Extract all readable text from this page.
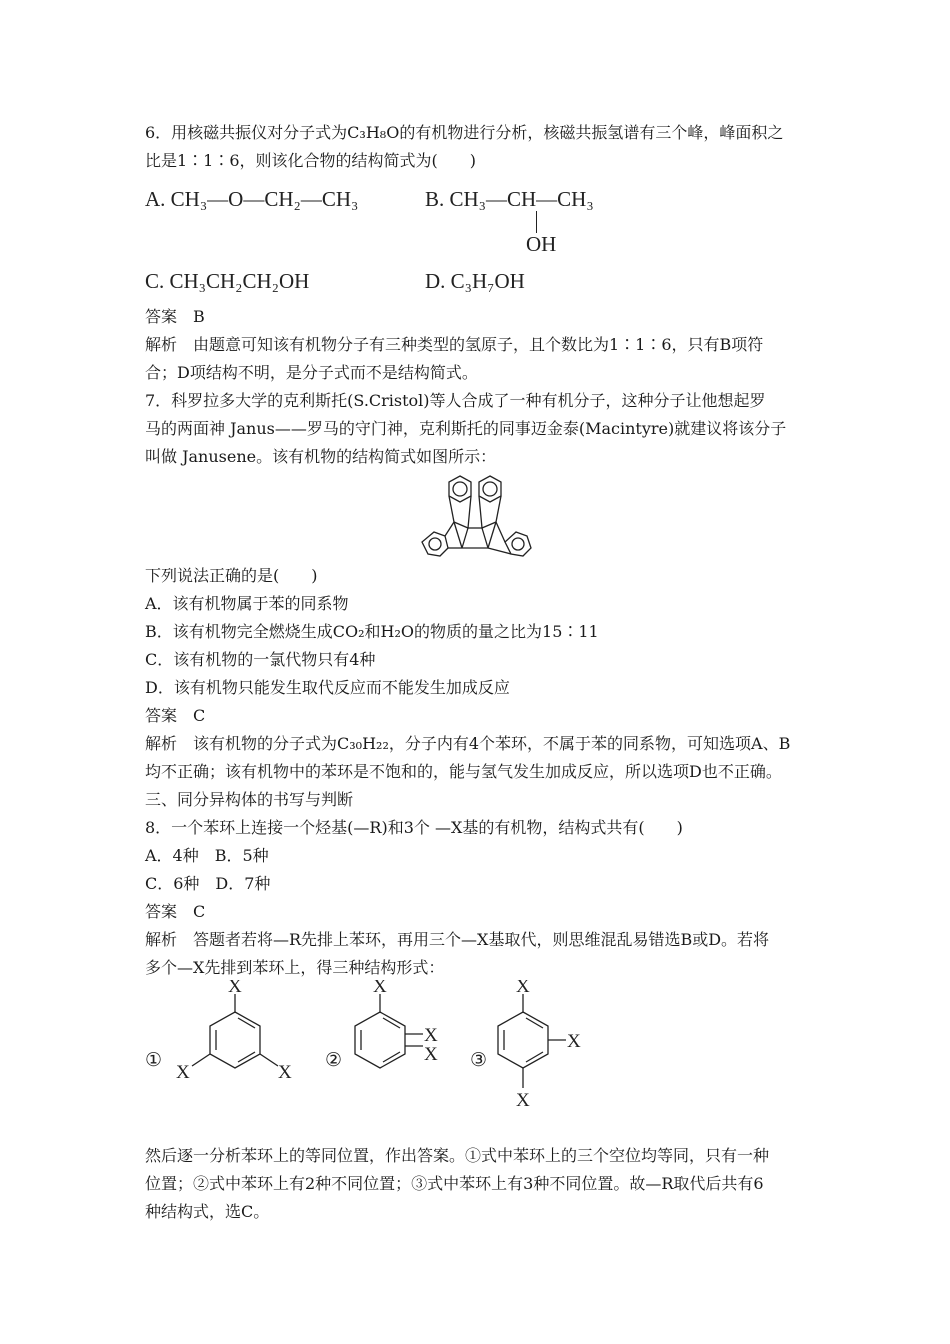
6．用核磁共振仪对分子式为C₃H₈O的有机物进行分析，核磁共振氢谱有三个峰，峰面积之
比是1∶1∶6，则该化合物的结构简式为(　　)
A. CH₃—O—CH₂—CH₃	B. CH₃—CH—CH₃
OH
C. CH₃CH₂CH₂OH	D. C₃H₇OH
答案　B
解析　由题意可知该有机物分子有三种类型的氢原子，且个数比为1∶1∶6，只有B项符
合；D项结构不明，是分子式而不是结构简式。
7．科罗拉多大学的克利斯托(S.Cristol)等人合成了一种有机分子，这种分子让他想起罗
马的两面神 Janus——罗马的守门神，克利斯托的同事迈金泰(Macintyre)就建议将该分子
叫做 Janusene。该有机物的结构简式如图所示：
下列说法正确的是(　　)
A．该有机物属于苯的同系物
B．该有机物完全燃烧生成CO₂和H₂O的物质的量之比为15∶11
C．该有机物的一氯代物只有4种
D．该有机物只能发生取代反应而不能发生加成反应
答案　C
解析　该有机物的分子式为C₃₀H₂₂，分子内有4个苯环，不属于苯的同系物，可知选项A、B
均不正确；该有机物中的苯环是不饱和的，能与氢气发生加成反应，所以选项D也不正确。
三、同分异构体的书写与判断
8．一个苯环上连接一个烃基(—R)和3个 —X基的有机物，结构式共有(　　)
A．4种　B．5种
C．6种　D．7种
答案　C
解析　答题者若将—R先排上苯环，再用三个—X基取代，则思维混乱易错选B或D。若将
多个—X先排到苯环上，得三种结构形式：
①
X
X	X
②
X
X
X ③
X
X
X
然后逐一分析苯环上的等同位置，作出答案。①式中苯环上的三个空位均等同，只有一种
位置；②式中苯环上有2种不同位置；③式中苯环上有3种不同位置。故—R取代后共有6
种结构式，选C。
